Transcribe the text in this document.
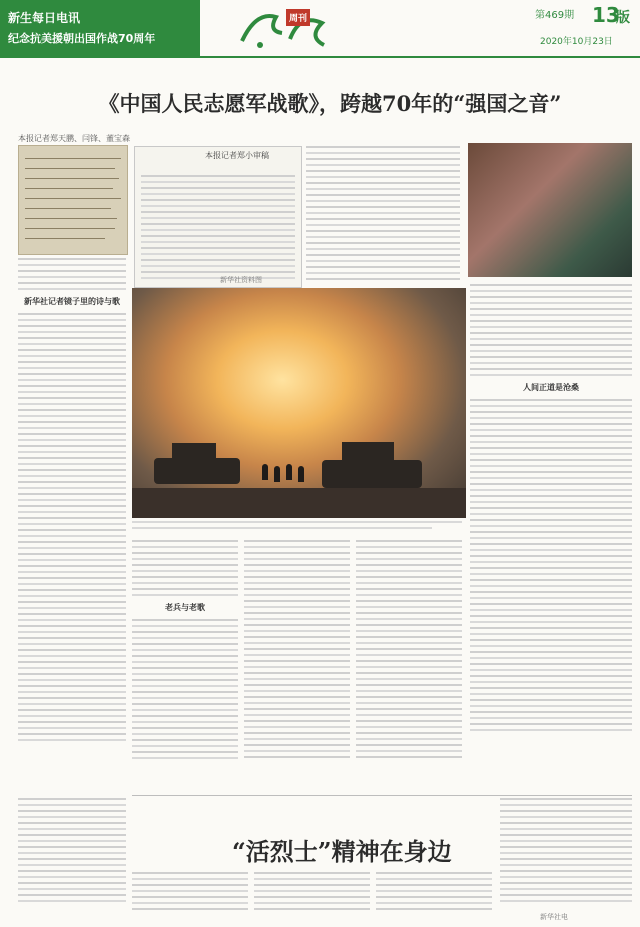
新生每日电讯
纪念抗美援朝出国作战70周年
周刊	第469期 13
版
2020年10月23日
《中国人民志愿军战歌》，跨越70年的“强国之音”
本报记者郑天鹏、闫锋、董宝森
本报记者郑小审稿
新华社资料图
新华社记者镜子里的诗与歌
人间正道是沧桑
老兵与老歌
“活烈士”精神在身边
新华社电
